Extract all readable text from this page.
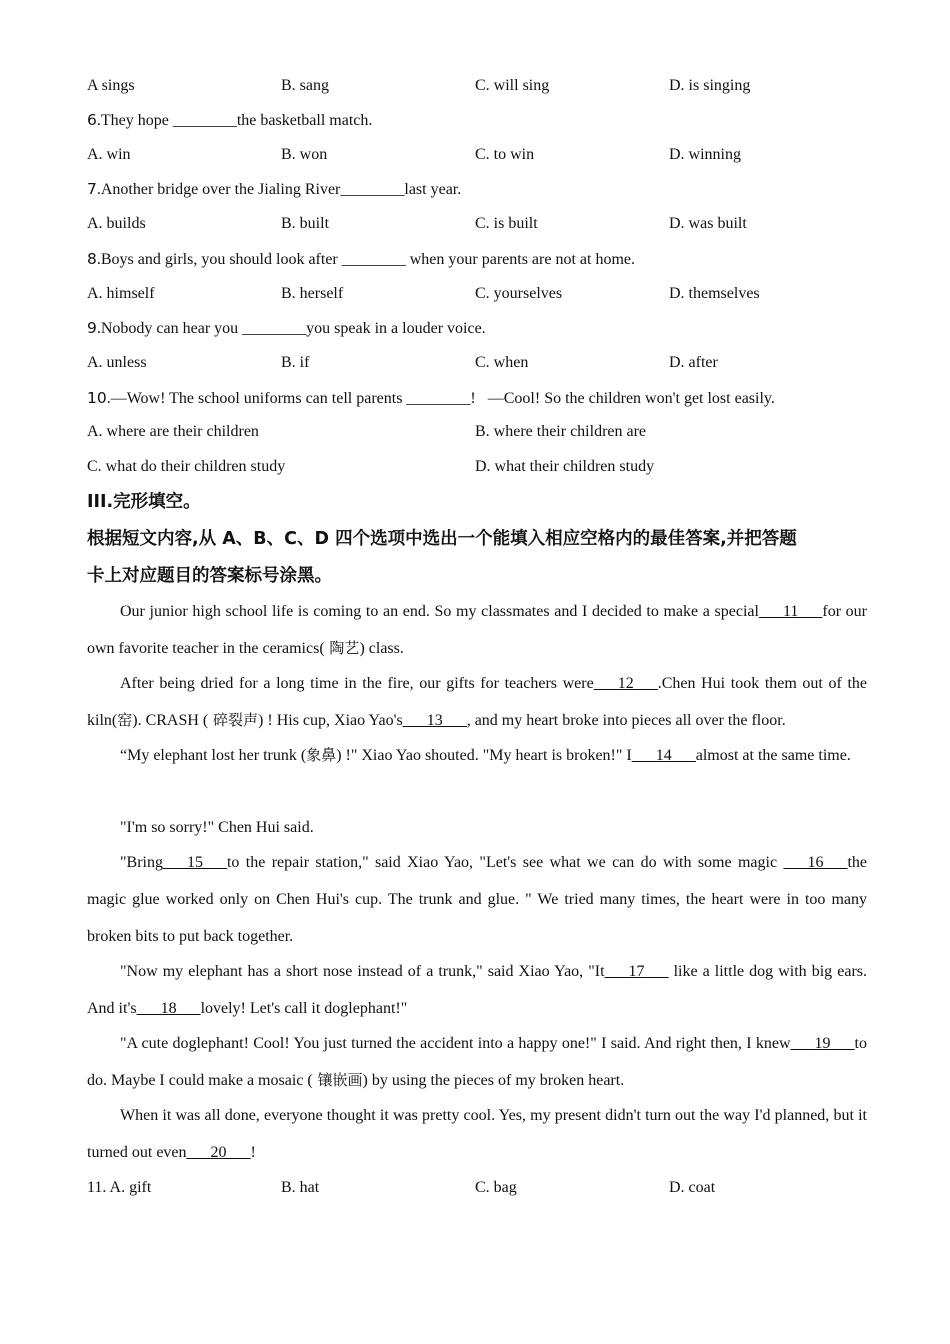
A sings	B. sang	C. will sing	D. is singing
6.They hope ________the basketball match.
A. win	B. won	C. to win	D. winning
7.Another bridge over the Jialing River________last year.
A. builds	B. built	C. is built	D. was built
8.Boys and girls, you should look after ________ when your parents are not at home.
A. himself	B. herself	C. yourselves	D. themselves
9.Nobody can hear you ________you speak in a louder voice.
A. unless	B. if	C. when	D. after
10.—Wow! The school uniforms can tell parents ________!   —Cool! So the children won't get lost easily.
A. where are their children	B. where their children are
C. what do their children study	D. what their children study
III.完形填空。
根据短文内容,从 A、B、C、D 四个选项中选出一个能填入相应空格内的最佳答案,并把答题
卡上对应题目的答案标号涂黑。
Our junior high school life is coming to an end. So my classmates and I decided to make a special___11___for our own favorite teacher in the ceramics( 陶艺) class.
After being dried for a long time in the fire, our gifts for teachers were___12___.Chen Hui took them out of the kiln(窑). CRASH ( 碎裂声) ! His cup, Xiao Yao's___13___, and my heart broke into pieces all over the floor.
“My elephant lost her trunk (象鼻) !" Xiao Yao shouted. "My heart is broken!" I___14___almost at the same time.
"I'm so sorry!" Chen Hui said.
"Bring___15___to the repair station," said Xiao Yao, "Let's see what we can do with some magic ___16___the magic glue worked only on Chen Hui's cup. The trunk and glue. " We tried many times, the heart were in too many broken bits to put back together.
"Now my elephant has a short nose instead of a trunk," said Xiao Yao, "It___17___ like a little dog with big ears. And it's___18___lovely! Let's call it doglephant!"
"A cute doglephant! Cool! You just turned the accident into a happy one!" I said. And right then, I knew___19___to do. Maybe I could make a mosaic ( 镶嵌画) by using the pieces of my broken heart.
When it was all done, everyone thought it was pretty cool. Yes, my present didn't turn out the way I'd planned, but it turned out even___20___!
11. A. gift	B. hat	C. bag	D. coat
